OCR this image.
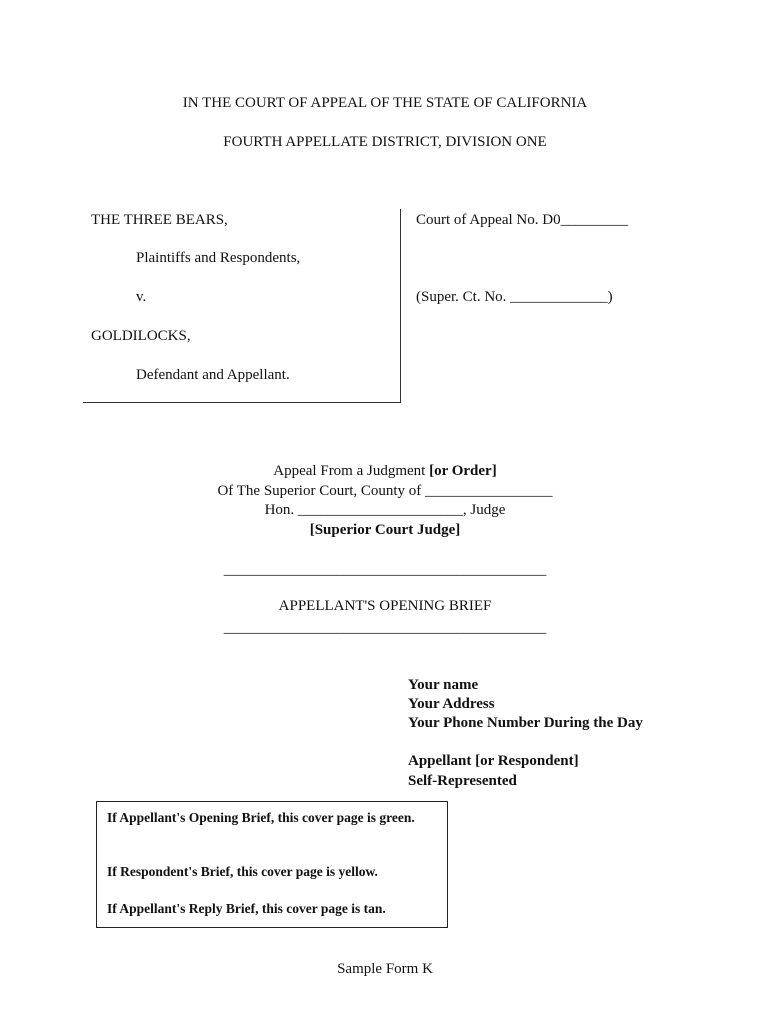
IN THE COURT OF APPEAL OF THE STATE OF CALIFORNIA
FOURTH APPELLATE DISTRICT, DIVISION ONE
THE THREE BEARS,
Plaintiffs and Respondents,
v.
GOLDILOCKS,
Defendant and Appellant.
Court of Appeal No. D0_________
(Super. Ct. No. _____________)
Appeal From a Judgment [or Order]
Of The Superior Court, County of _________________
Hon. ______________________, Judge
[Superior Court Judge]
___________________________________________
APPELLANT'S OPENING BRIEF
___________________________________________
Your name
Your Address
Your Phone Number During the Day
Appellant [or Respondent]
Self-Represented
If Appellant's Opening Brief, this cover page is green.
If Respondent's Brief, this cover page is yellow.
If Appellant's Reply Brief, this cover page is tan.
Sample Form K
